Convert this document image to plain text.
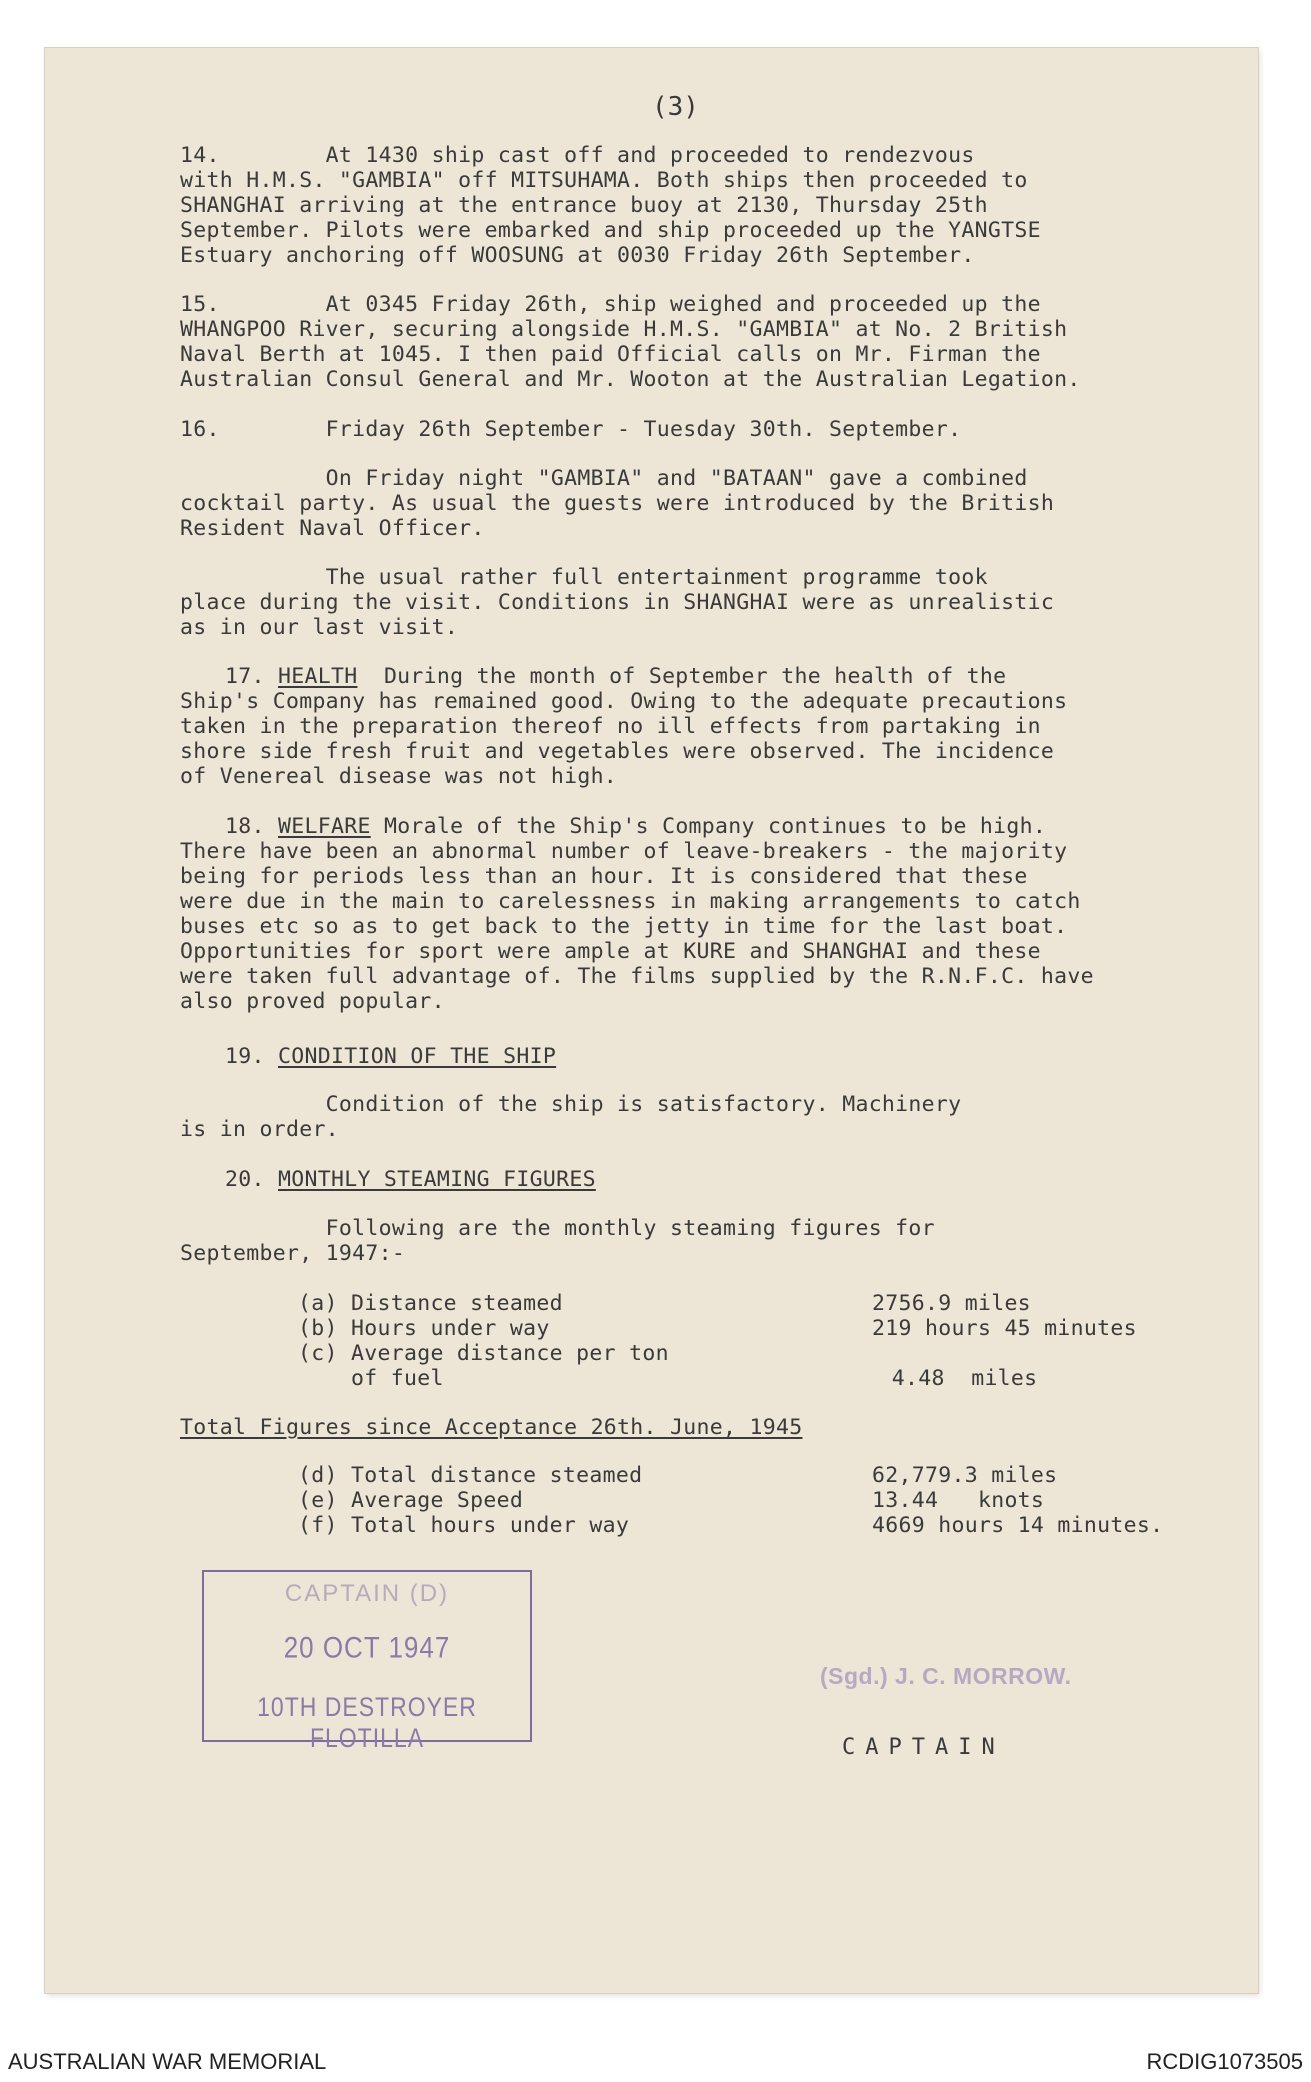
(3)
14.        At 1430 ship cast off and proceeded to rendezvous
with H.M.S. "GAMBIA" off MITSUHAMA. Both ships then proceeded to
SHANGHAI arriving at the entrance buoy at 2130, Thursday 25th
September. Pilots were embarked and ship proceeded up the YANGTSE
Estuary anchoring off WOOSUNG at 0030 Friday 26th September.
15.        At 0345 Friday 26th, ship weighed and proceeded up the
WHANGPOO River, securing alongside H.M.S. "GAMBIA" at No. 2 British
Naval Berth at 1045. I then paid Official calls on Mr. Firman the
Australian Consul General and Mr. Wooton at the Australian Legation.
16.        Friday 26th September - Tuesday 30th. September.
On Friday night "GAMBIA" and "BATAAN" gave a combined
cocktail party. As usual the guests were introduced by the British
Resident Naval Officer.
The usual rather full entertainment programme took
place during the visit. Conditions in SHANGHAI were as unrealistic
as in our last visit.
17. HEALTH  During the month of September the health of the
Ship's Company has remained good. Owing to the adequate precautions
taken in the preparation thereof no ill effects from partaking in
shore side fresh fruit and vegetables were observed. The incidence
of Venereal disease was not high.
18. WELFARE Morale of the Ship's Company continues to be high.
There have been an abnormal number of leave-breakers - the majority
being for periods less than an hour. It is considered that these
were due in the main to carelessness in making arrangements to catch
buses etc so as to get back to the jetty in time for the last boat.
Opportunities for sport were ample at KURE and SHANGHAI and these
were taken full advantage of. The films supplied by the R.N.F.C. have
also proved popular.
19. CONDITION OF THE SHIP
Condition of the ship is satisfactory. Machinery
is in order.
20. MONTHLY STEAMING FIGURES
Following are the monthly steaming figures for
September, 1947:-
(a) Distance steamed	2756.9 miles
(b) Hours under way	219 hours 45 minutes
(c) Average distance per ton
of fuel	4.48  miles
Total Figures since Acceptance 26th. June, 1945
(d) Total distance steamed	62,779.3 miles
(e) Average Speed	13.44   knots
(f) Total hours under way	4669 hours 14 minutes.
CAPTAIN (D)
20 OCT 1947
10TH DESTROYER FLOTILLA
(Sgd.) J. C. MORROW.
CAPTAIN
AUSTRALIAN WAR MEMORIAL	RCDIG1073505
